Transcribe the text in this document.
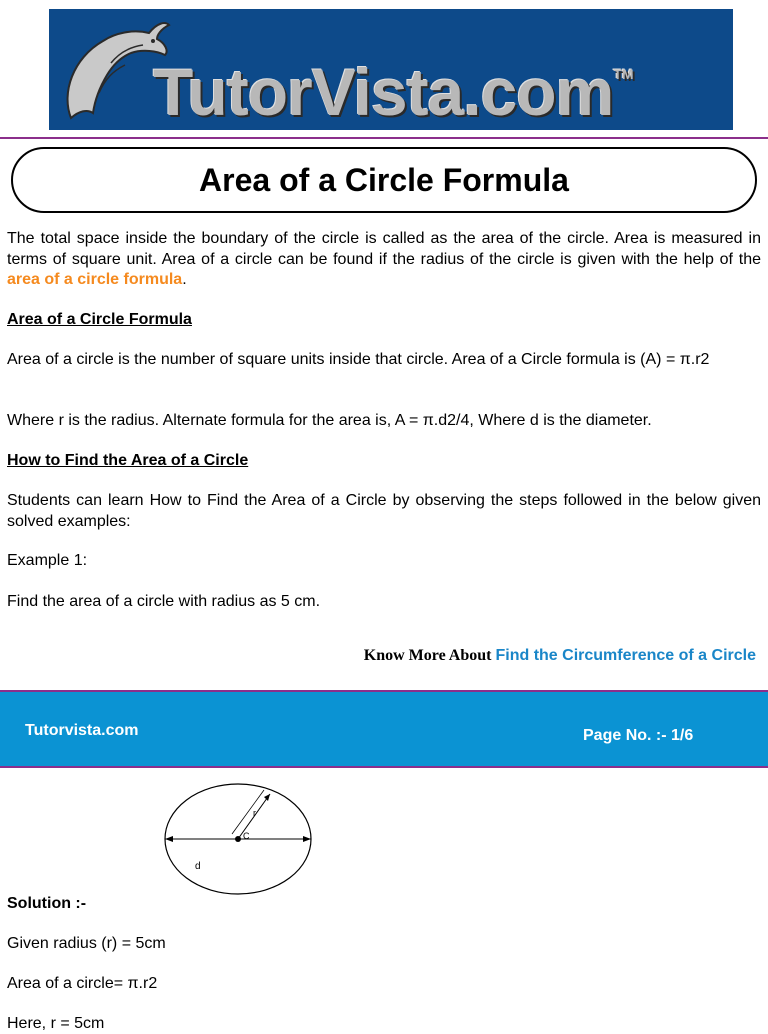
TutorVista.com™
Area of a Circle Formula

The total space inside the boundary of the circle is called as the area of the circle. Area is measured in terms of square unit. Area of a circle can be found if the radius of the circle is given with the help of the area of a circle formula.

Area of a Circle Formula

Area of a circle is the number of square units inside that circle. Area of a Circle formula is (A) = π.r2

Where r is the radius. Alternate formula for the area is, A = π.d2/4, Where d is the diameter.

How to Find the Area of a Circle

Students can learn How to Find the Area of a Circle by observing the steps followed in the below given solved examples:

Example 1:

Find the area of a circle with radius as 5 cm.

Know More About Find the Circumference of a Circle
Tutorvista.com	Page No. :- 1/6
r
C
d
Solution :-
Given radius (r) = 5cm
Area of a circle= π.r2
Here, r = 5cm
